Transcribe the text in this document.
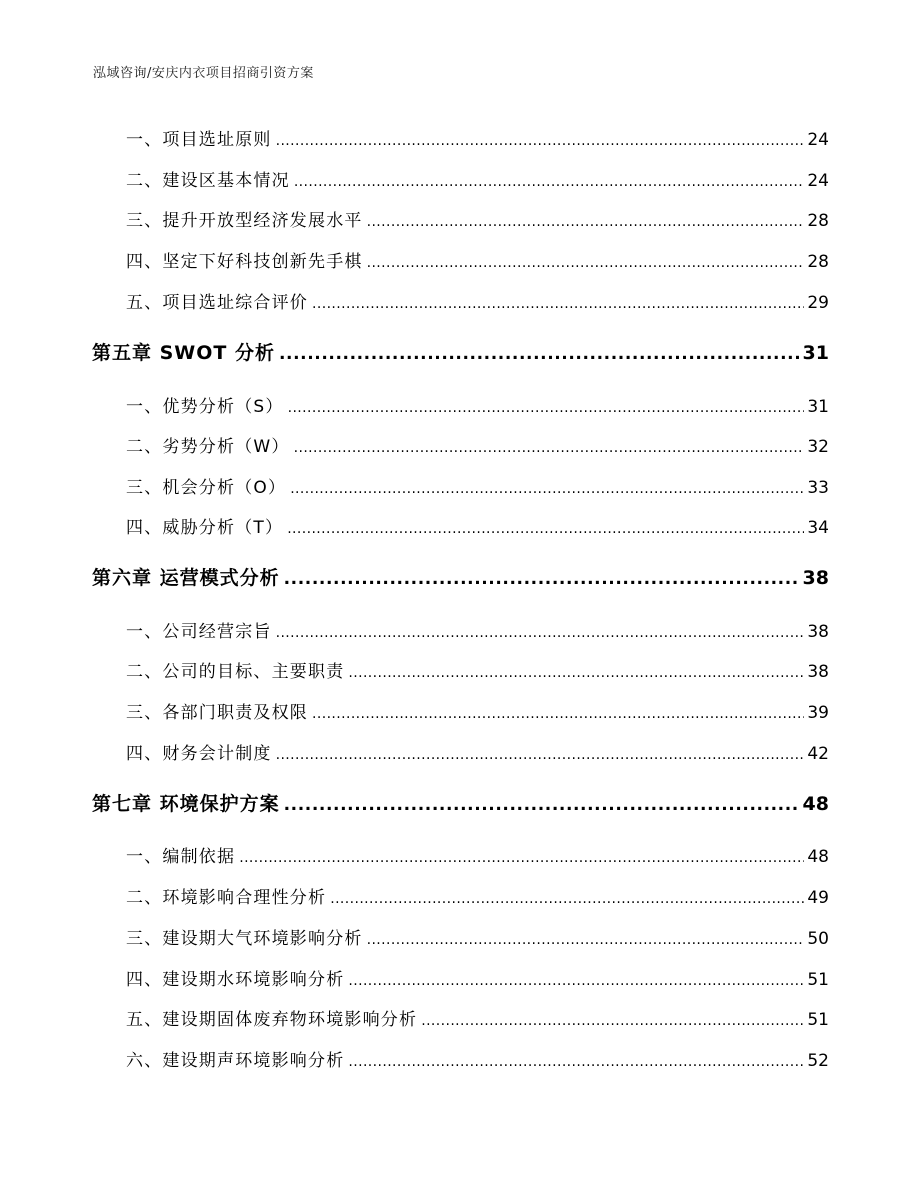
泓域咨询/安庆内衣项目招商引资方案
一、 项目选址原则 .....	24
二、 建设区基本情况 .....	24
三、 提升开放型经济发展水平 .....	28
四、 坚定下好科技创新先手棋 .....	28
五、 项目选址综合评价 .....	29
第五章 SWOT 分析 .....	31
一、 优势分析（S） .....	31
二、 劣势分析（W） .....	32
三、 机会分析（O） .....	33
四、 威胁分析（T） .....	34
第六章 运营模式分析 .....	38
一、 公司经营宗旨 .....	38
二、 公司的目标、主要职责 .....	38
三、 各部门职责及权限 .....	39
四、 财务会计制度 .....	42
第七章 环境保护方案 .....	48
一、 编制依据 .....	48
二、 环境影响合理性分析 .....	49
三、 建设期大气环境影响分析 .....	50
四、 建设期水环境影响分析 .....	51
五、 建设期固体废弃物环境影响分析 .....	51
六、 建设期声环境影响分析 .....	52
